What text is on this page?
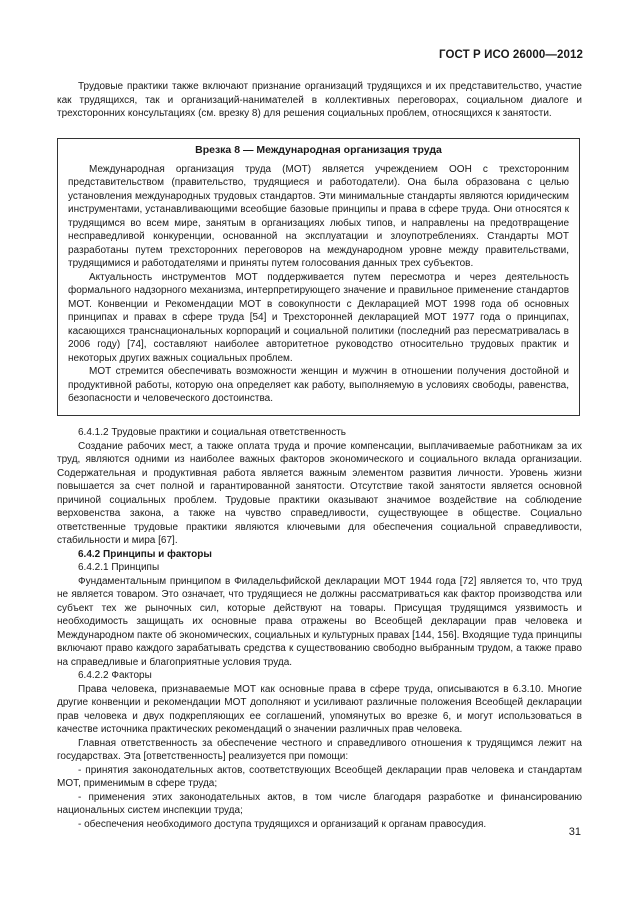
ГОСТ Р ИСО 26000—2012

Трудовые практики также включают признание организаций трудящихся и их представительство, участие как трудящихся, так и организаций-нанимателей в коллективных переговорах, социальном диалоге и трехсторонних консультациях (см. врезку 8) для решения социальных проблем, относящихся к занятости.

Врезка 8 — Международная организация труда

Международная организация труда (МОТ) является учреждением ООН с трехсторонним представительством (правительство, трудящиеся и работодатели). Она была образована с целью установления международных трудовых стандартов. Эти минимальные стандарты являются юридическим инструментами, устанавливающими всеобщие базовые принципы и права в сфере труда. Они относятся к трудящимся во всем мире, занятым в организациях любых типов, и направлены на предотвращение несправедливой конкуренции, основанной на эксплуатации и злоупотреблениях. Стандарты МОТ разработаны путем трехсторонних переговоров на международном уровне между правительствами, трудящимися и работодателями и приняты путем голосования данных трех субъектов.

Актуальность инструментов МОТ поддерживается путем пересмотра и через деятельность формального надзорного механизма, интерпретирующего значение и правильное применение стандартов МОТ. Конвенции и Рекомендации МОТ в совокупности с Декларацией МОТ 1998 года об основных принципах и правах в сфере труда [54] и Трехсторонней декларацией МОТ 1977 года о принципах, касающихся транснациональных корпораций и социальной политики (последний раз пересматривалась в 2006 году) [74], составляют наиболее авторитетное руководство относительно трудовых практик и некоторых других важных социальных проблем.

МОТ стремится обеспечивать возможности женщин и мужчин в отношении получения достойной и продуктивной работы, которую она определяет как работу, выполняемую в условиях свободы, равенства, безопасности и человеческого достоинства.

6.4.1.2 Трудовые практики и социальная ответственность

Создание рабочих мест, а также оплата труда и прочие компенсации, выплачиваемые работникам за их труд, являются одними из наиболее важных факторов экономического и социального вклада организации. Содержательная и продуктивная работа является важным элементом развития личности. Уровень жизни повышается за счет полной и гарантированной занятости. Отсутствие такой занятости является основной причиной социальных проблем. Трудовые практики оказывают значимое воздействие на соблюдение верховенства закона, а также на чувство справедливости, существующее в обществе. Социально ответственные трудовые практики являются ключевыми для обеспечения социальной справедливости, стабильности и мира [67].

6.4.2 Принципы и факторы

6.4.2.1 Принципы

Фундаментальным принципом в Филадельфийской декларации МОТ 1944 года [72] является то, что труд не является товаром. Это означает, что трудящиеся не должны рассматриваться как фактор производства или субъект тех же рыночных сил, которые действуют на товары. Присущая трудящимся уязвимость и необходимость защищать их основные права отражены во Всеобщей декларации прав человека и Международном пакте об экономических, социальных и культурных правах [144, 156]. Входящие туда принципы включают право каждого зарабатывать средства к существованию свободно выбранным трудом, а также право на справедливые и благоприятные условия труда.

6.4.2.2 Факторы

Права человека, признаваемые МОТ как основные права в сфере труда, описываются в 6.3.10. Многие другие конвенции и рекомендации МОТ дополняют и усиливают различные положения Всеобщей декларации прав человека и двух подкрепляющих ее соглашений, упомянутых во врезке 6, и могут использоваться в качестве источника практических рекомендаций о значении различных прав человека.

Главная ответственность за обеспечение честного и справедливого отношения к трудящимся лежит на государствах. Эта [ответственность] реализуется при помощи:

- принятия законодательных актов, соответствующих Всеобщей декларации прав человека и стандартам МОТ, применимым в сфере труда;

- применения этих законодательных актов, в том числе благодаря разработке и финансированию национальных систем инспекции труда;

- обеспечения необходимого доступа трудящихся и организаций к органам правосудия.

31
